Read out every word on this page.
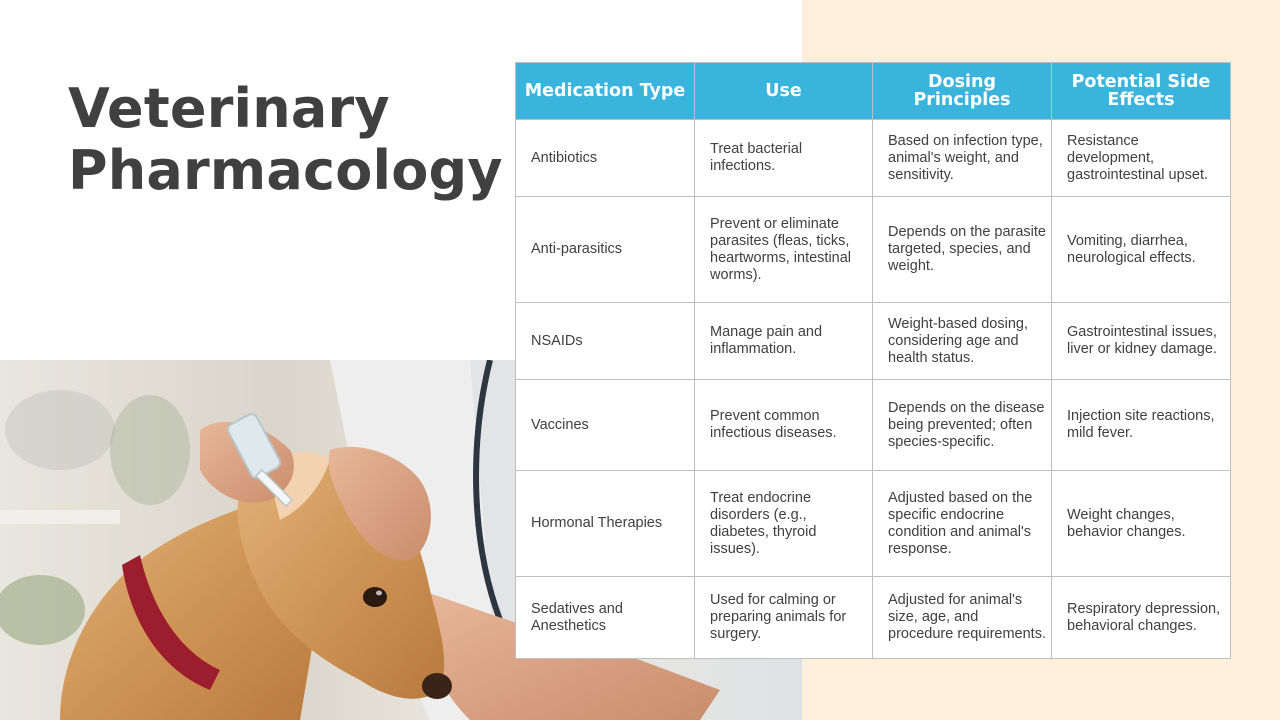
Veterinary
Pharmacology
Medication Type	Use	Dosing Principles	Potential Side Effects
Antibiotics	Treat bacterial infections.	Based on infection type, animal's weight, and sensitivity.	Resistance development, gastrointestinal upset.
Anti-parasitics	Prevent or eliminate parasites (fleas, ticks, heartworms, intestinal worms).	Depends on the parasite targeted, species, and weight.	Vomiting, diarrhea, neurological effects.
NSAIDs	Manage pain and inflammation.	Weight-based dosing, considering age and health status.	Gastrointestinal issues, liver or kidney damage.
Vaccines	Prevent common infectious diseases.	Depends on the disease being prevented; often species-specific.	Injection site reactions, mild fever.
Hormonal Therapies	Treat endocrine disorders (e.g., diabetes, thyroid issues).	Adjusted based on the specific endocrine condition and animal's response.	Weight changes, behavior changes.
Sedatives and Anesthetics	Used for calming or preparing animals for surgery.	Adjusted for animal's size, age, and procedure requirements.	Respiratory depression, behavioral changes.
